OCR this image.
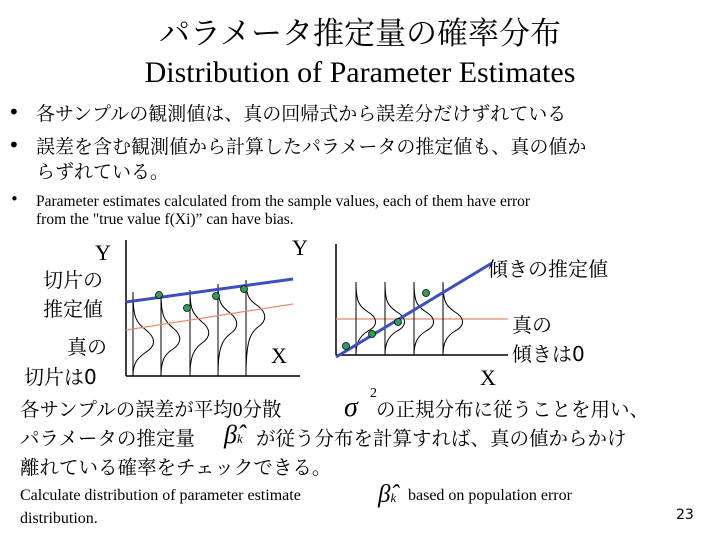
パラメータ推定量の確率分布
Distribution of Parameter Estimates
• 各サンプルの観測値は、真の回帰式から誤差分だけずれている
• 誤差を含む観測値から計算したパラメータの推定値も、真の値か
らずれている。
• Parameter estimates calculated from the sample values, each of them have error
from the "true value f(Xi)” can have bias.
Y
切片の
推定値
真の
切片は0
X
Y
傾きの推定値
真の
傾きは0
X
各サンプルの誤差が平均0分散 σ 2
の正規分布に従うことを用い、
パラメータの推定量 β̂k が従う分布を計算すれば、真の値からかけ
離れている確率をチェックできる。
Calculate distribution of parameter estimate	β̂k based on population error
distribution.	23
